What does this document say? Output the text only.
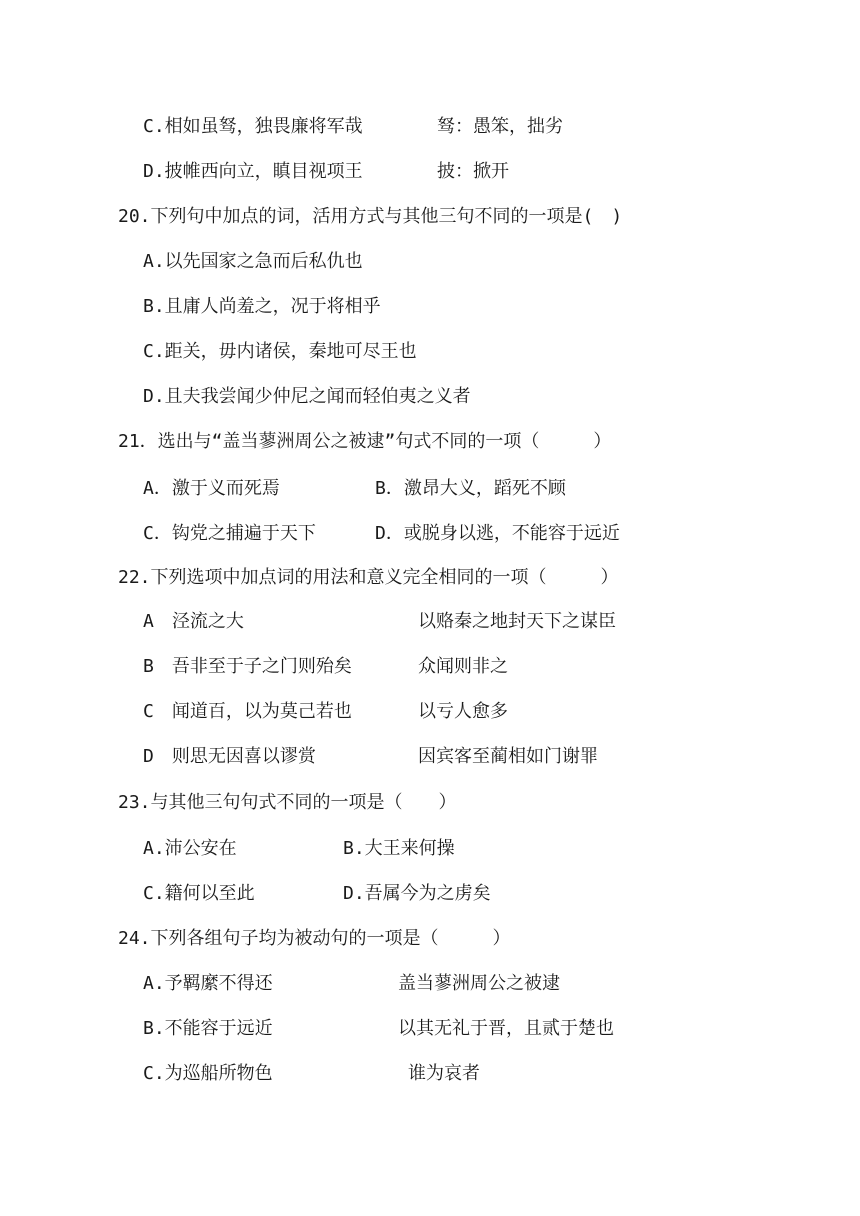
C.相如虽驽，独畏廉将军哉	驽：愚笨，拙劣
D.披帷西向立，瞋目视项王	披：掀开
20.下列句中加点的词，活用方式与其他三句不同的一项是(　)
A.以先国家之急而后私仇也
B.且庸人尚羞之，况于将相乎
C.距关，毋内诸侯，秦地可尽王也
D.且夫我尝闻少仲尼之闻而轻伯夷之义者
21．选出与“盖当蓼洲周公之被逮”句式不同的一项（　　　）
A．激于义而死焉	B．激昂大义，蹈死不顾
C．钩党之捕遍于天下	D．或脱身以逃，不能容于远近
22.下列选项中加点词的用法和意义完全相同的一项（　　　）
A　泾流之大	以赂秦之地封天下之谋臣
B　吾非至于子之门则殆矣	众闻则非之
C　闻道百，以为莫己若也	以亏人愈多
D　则思无因喜以谬赏	因宾客至蔺相如门谢罪
23.与其他三句句式不同的一项是（　　）
A.沛公安在	B.大王来何操
C.籍何以至此	D.吾属今为之虏矣
24.下列各组句子均为被动句的一项是（　　　）
A.予羁縻不得还	盖当蓼洲周公之被逮
B.不能容于远近	以其无礼于晋，且贰于楚也
C.为巡船所物色	谁为哀者
